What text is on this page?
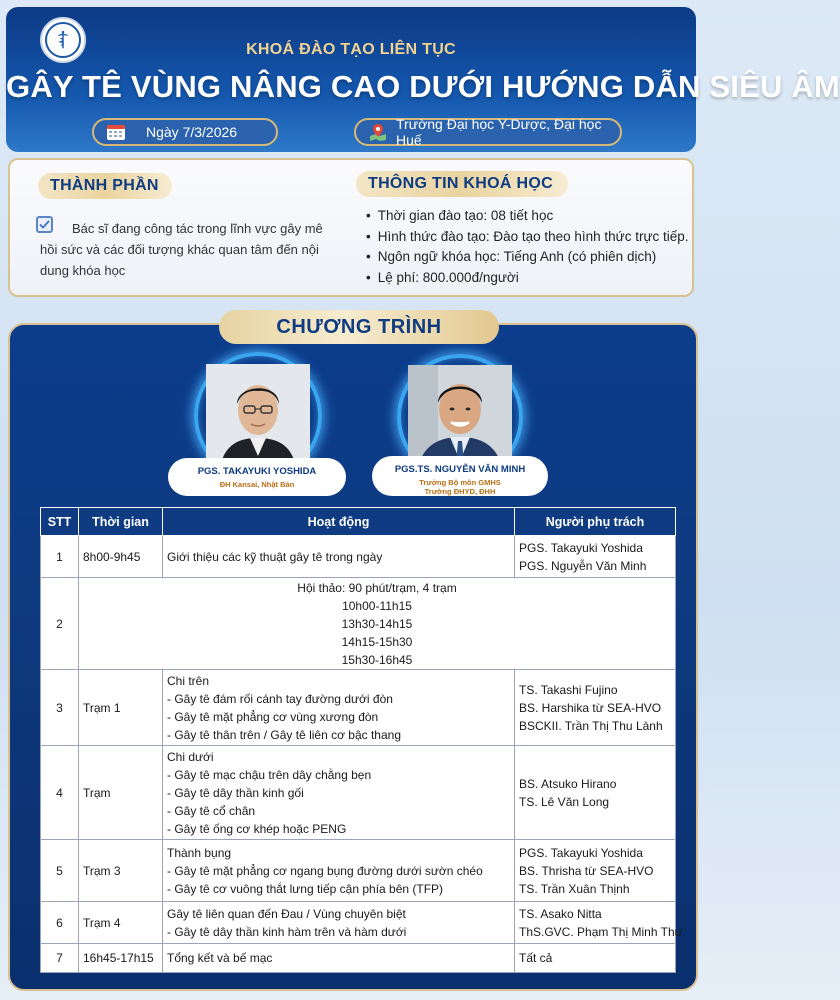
KHOÁ ĐÀO TẠO LIÊN TỤC
GÂY TÊ VÙNG NÂNG CAO DƯỚI HƯỚNG DẪN SIÊU ÂM
Ngày 7/3/2026	Trường Đại học Y-Dược, Đại học Huế
THÀNH PHẦN	THÔNG TIN KHOÁ HỌC
Bác sĩ đang công tác trong lĩnh vực gây mê hồi sức và các đối tượng khác quan tâm đến nội dung khóa học
• Thời gian đào tạo: 08 tiết học
• Hình thức đào tạo: Đào tạo theo hình thức trực tiếp.
• Ngôn ngữ khóa học: Tiếng Anh (có phiên dịch)
• Lệ phí: 800.000đ/người
CHƯƠNG TRÌNH
PGS. TAKAYUKI YOSHIDA
ĐH Kansai, Nhật Bản
PGS.TS. NGUYỄN VĂN MINH
Trưởng Bộ môn GMHS
Trường ĐHYD, ĐHH
STT	Thời gian	Hoạt động	Người phụ trách
1	8h00-9h45	Giới thiệu các kỹ thuật gây tê trong ngày	PGS. Takayuki Yoshida
PGS. Nguyễn Văn Minh

2	Hội thảo: 90 phút/trạm, 4 trạm
10h00-11h15
13h30-14h15
14h15-15h30
15h30-16h45		

3	Trạm 1	Chi trên
- Gây tê đám rối cánh tay đường dưới đòn
- Gây tê mặt phẳng cơ vùng xương đòn
- Gây tê thân trên / Gây tê liên cơ bậc thang	TS. Takashi Fujino
BS. Harshika từ SEA-HVO
BSCKII. Trần Thị Thu Lành

4	Trạm	Chi dưới
- Gây tê mạc chậu trên dây chằng bẹn
- Gây tê dây thần kinh gối
- Gây tê cổ chân
- Gây tê ống cơ khép hoặc PENG	BS. Atsuko Hirano
TS. Lê Văn Long

5	Trạm 3	Thành bụng
- Gây tê mặt phẳng cơ ngang bụng đường dưới sườn chéo
- Gây tê cơ vuông thắt lưng tiếp cận phía bên (TFP)	PGS. Takayuki Yoshida
BS. Thrisha từ SEA-HVO
TS. Trần Xuân Thịnh

6	Trạm 4	Gây tê liên quan đến Đau / Vùng chuyên biệt
- Gây tê dây thần kinh hàm trên và hàm dưới	TS. Asako Nitta
ThS.GVC. Phạm Thị Minh Thư

7	16h45-17h15	Tổng kết và bế mạc	Tất cả
